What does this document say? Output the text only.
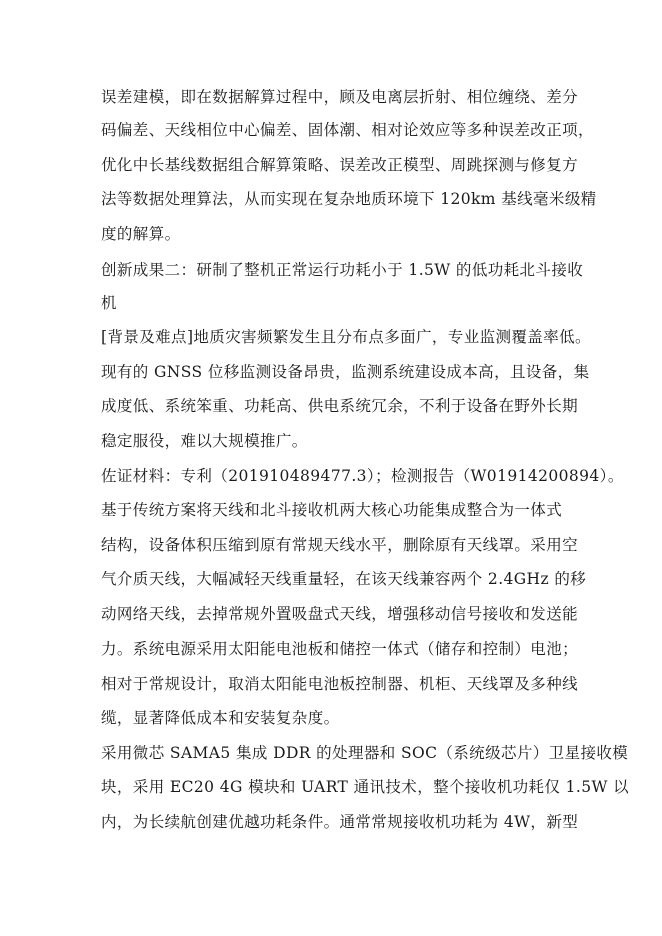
误差建模，即在数据解算过程中，顾及电离层折射、相位缠绕、差分
码偏差、天线相位中心偏差、固体潮、相对论效应等多种误差改正项，
优化中长基线数据组合解算策略、误差改正模型、周跳探测与修复方
法等数据处理算法，从而实现在复杂地质环境下 120km 基线毫米级精
度的解算。
创新成果二：研制了整机正常运行功耗小于 1.5W 的低功耗北斗接收
机
[背景及难点]地质灾害频繁发生且分布点多面广，专业监测覆盖率低。
现有的 GNSS 位移监测设备昂贵，监测系统建设成本高，且设备，集
成度低、系统笨重、功耗高、供电系统冗余，不利于设备在野外长期
稳定服役，难以大规模推广。
佐证材料：专利（201910489477.3）；检测报告（W01914200894）。
基于传统方案将天线和北斗接收机两大核心功能集成整合为一体式
结构，设备体积压缩到原有常规天线水平，删除原有天线罩。采用空
气介质天线，大幅减轻天线重量轻，在该天线兼容两个 2.4GHz 的移
动网络天线，去掉常规外置吸盘式天线，增强移动信号接收和发送能
力。系统电源采用太阳能电池板和储控一体式（储存和控制）电池；
相对于常规设计，取消太阳能电池板控制器、机柜、天线罩及多种线
缆，显著降低成本和安装复杂度。
采用微芯 SAMA5 集成 DDR 的处理器和 SOC（系统级芯片）卫星接收模
块，采用 EC20 4G 模块和 UART 通讯技术，整个接收机功耗仅 1.5W 以
内，为长续航创建优越功耗条件。通常常规接收机功耗为 4W，新型
